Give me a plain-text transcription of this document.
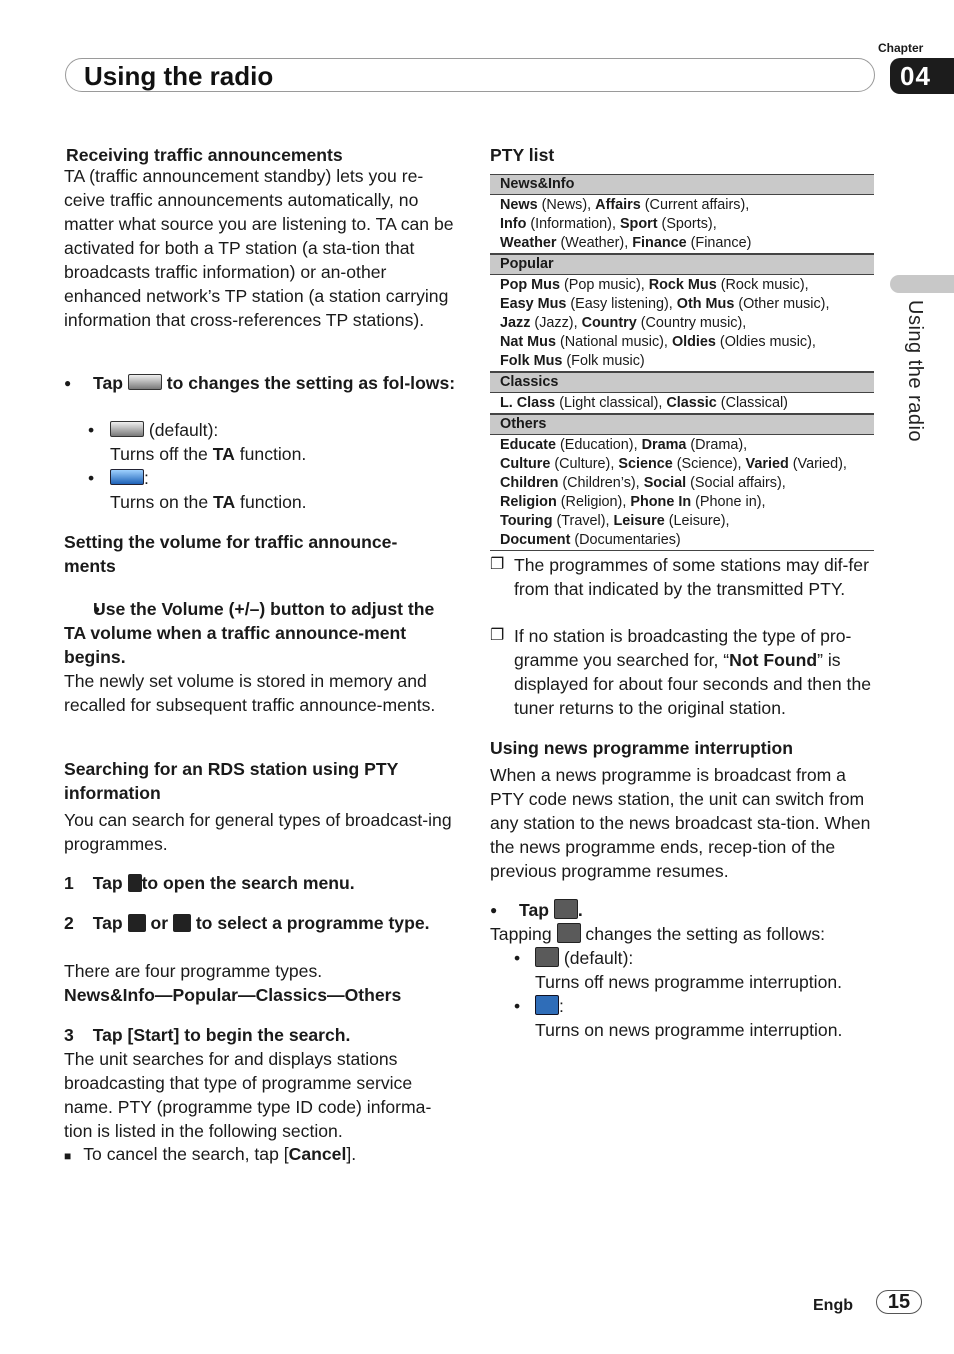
Using the radio
Chapter
04
Using the radio
Receiving traffic announcements
TA (traffic announcement standby) lets you re-ceive traffic announcements automatically, no matter what source you are listening to. TA can be activated for both a TP station (a sta-tion that broadcasts traffic information) or an-other enhanced network’s TP station (a station carrying information that cross-references TP stations).
● Tap to changes the setting as fol-lows:
•	(default):
Turns off the TA function.
•	:
Turns on the TA function.
Setting the volume for traffic announce-ments
● Use the Volume (+/–) button to adjust the TA volume when a traffic announce-ment begins.
The newly set volume is stored in memory and recalled for subsequent traffic announce-ments.
Searching for an RDS station using PTY information
You can search for general types of broadcast-ing programmes.
1 Tap to open the search menu.
2 Tap or to select a programme type.
There are four programme types.
News&Info—Popular—Classics—Others
3 Tap [Start] to begin the search.
The unit searches for and displays stations broadcasting that type of programme service name. PTY (programme type ID code) informa-tion is listed in the following section.
■ To cancel the search, tap [Cancel].
PTY list
News&Info
News (News), Affairs (Current affairs),
Info (Information), Sport (Sports),
Weather (Weather), Finance (Finance)
Popular
Pop Mus (Pop music), Rock Mus (Rock music),
Easy Mus (Easy listening), Oth Mus (Other music),
Jazz (Jazz), Country (Country music),
Nat Mus (National music), Oldies (Oldies music),
Folk Mus (Folk music)
Classics
L. Class (Light classical), Classic (Classical)
Others
Educate (Education), Drama (Drama),
Culture (Culture), Science (Science), Varied (Varied),
Children (Children’s), Social (Social affairs),
Religion (Religion), Phone In (Phone in),
Touring (Travel), Leisure (Leisure),
Document (Documentaries)
❐ The programmes of some stations may dif-fer from that indicated by the transmitted PTY.
❐ If no station is broadcasting the type of pro-gramme you searched for, “Not Found” is displayed for about four seconds and then the tuner returns to the original station.
Using news programme interruption
When a news programme is broadcast from a PTY code news station, the unit can switch from any station to the news broadcast sta-tion. When the news programme ends, recep-tion of the previous programme resumes.
● Tap .
Tapping changes the setting as follows:
•	(default):
Turns off news programme interruption.
•	:
Turns on news programme interruption.
Engb	15
